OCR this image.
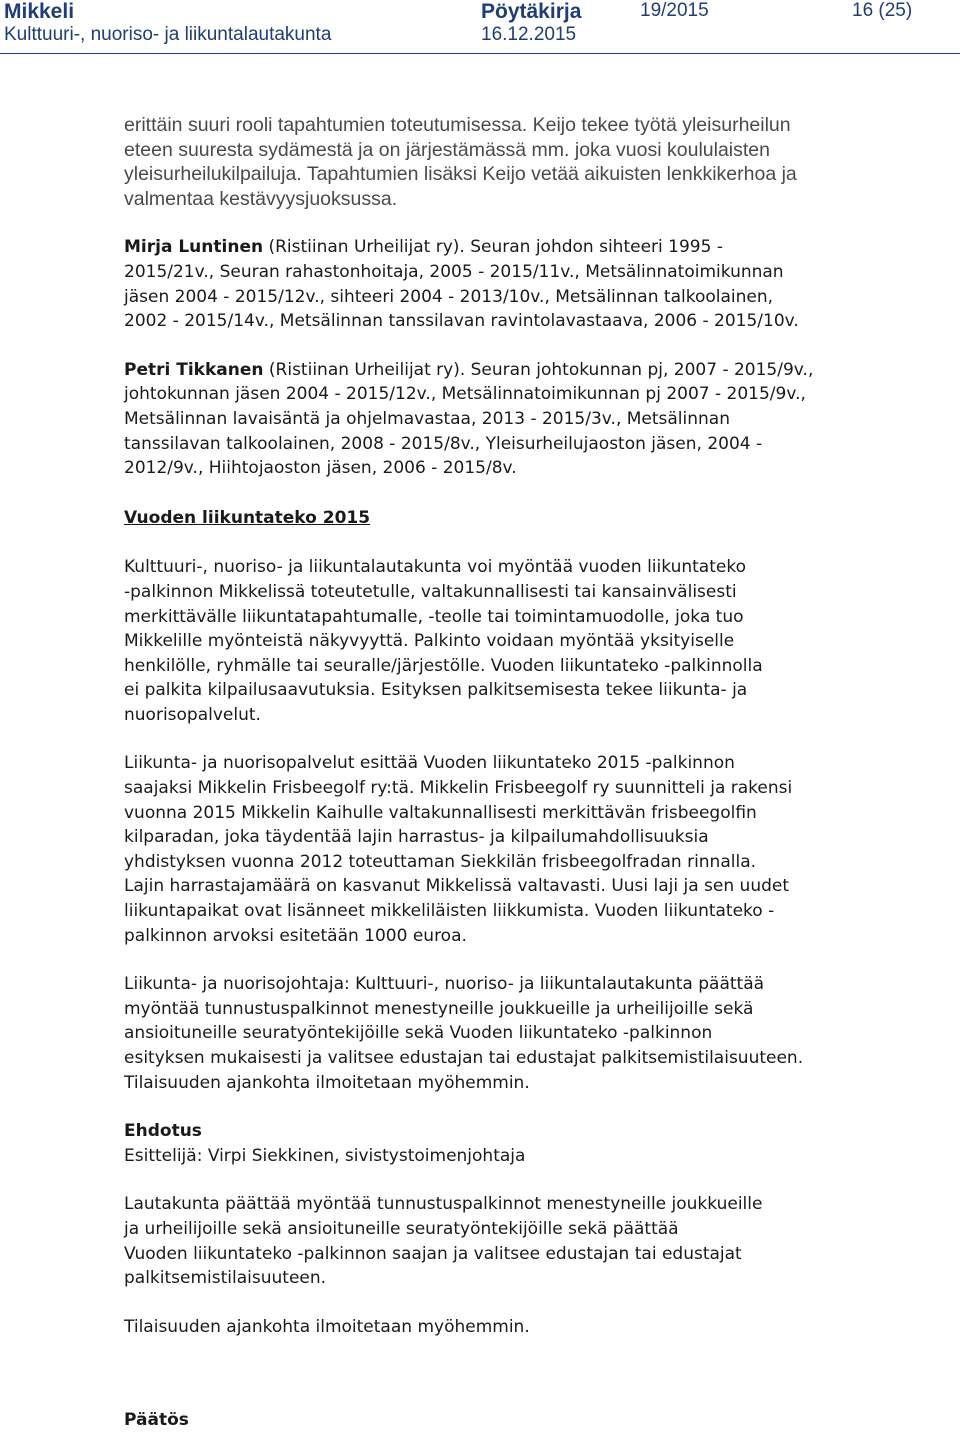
Mikkeli
Kulttuuri-, nuoriso- ja liikuntalautakunta
Pöytäkirja
16.12.2015
19/2015	16 (25)

erittäin suuri rooli tapahtumien toteutumisessa. Keijo tekee työtä yleisurheilun
eteen suuresta sydämestä ja on järjestämässä mm. joka vuosi koululaisten
yleisurheilukilpailuja. Tapahtumien lisäksi Keijo vetää aikuisten lenkkikerhoa ja
valmentaa kestävyysjuoksussa.

Mirja Luntinen (Ristiinan Urheilijat ry). Seuran johdon sihteeri 1995 -
2015/21v., Seuran rahastonhoitaja, 2005 - 2015/11v., Metsälinnatoimikunnan
jäsen 2004 - 2015/12v., sihteeri 2004 - 2013/10v., Metsälinnan talkoolainen,
2002 - 2015/14v., Metsälinnan tanssilavan ravintolavastaava, 2006 - 2015/10v.

Petri Tikkanen (Ristiinan Urheilijat ry). Seuran johtokunnan pj, 2007 - 2015/9v.,
johtokunnan jäsen 2004 - 2015/12v., Metsälinnatoimikunnan pj 2007 - 2015/9v.,
Metsälinnan lavaisäntä ja ohjelmavastaa, 2013 - 2015/3v., Metsälinnan
tanssilavan talkoolainen, 2008 - 2015/8v., Yleisurheilujaoston jäsen, 2004 -
2012/9v., Hiihtojaoston jäsen, 2006 - 2015/8v.

Vuoden liikuntateko 2015

Kulttuuri-, nuoriso- ja liikuntalautakunta voi myöntää vuoden liikuntateko
-palkinnon Mikkelissä toteutetulle, valtakunnallisesti tai kansainvälisesti
merkittävälle liikuntatapahtumalle, -teolle tai toimintamuodolle, joka tuo
Mikkelille myönteistä näkyvyyttä. Palkinto voidaan myöntää yksityiselle
henkilölle, ryhmälle tai seuralle/järjestölle. Vuoden liikuntateko -palkinnolla
ei palkita kilpailusaavutuksia. Esityksen palkitsemisesta tekee liikunta- ja
nuorisopalvelut.

Liikunta- ja nuorisopalvelut esittää Vuoden liikuntateko 2015 -palkinnon
saajaksi Mikkelin Frisbeegolf ry:tä. Mikkelin Frisbeegolf ry suunnitteli ja rakensi
vuonna 2015 Mikkelin Kaihulle valtakunnallisesti merkittävän frisbeegolfin
kilparadan, joka täydentää lajin harrastus- ja kilpailumahdollisuuksia
yhdistyksen vuonna 2012 toteuttaman Siekkilän frisbeegolfradan rinnalla.
Lajin harrastajamäärä on kasvanut Mikkelissä valtavasti. Uusi laji ja sen uudet
liikuntapaikat ovat lisänneet mikkeliläisten liikkumista. Vuoden liikuntateko -
palkinnon arvoksi esitetään 1000 euroa.

Liikunta- ja nuorisojohtaja: Kulttuuri-, nuoriso- ja liikuntalautakunta päättää
myöntää tunnustuspalkinnot menestyneille joukkueille ja urheilijoille sekä
ansioituneille seuratyöntekijöille sekä Vuoden liikuntateko -palkinnon
esityksen mukaisesti ja valitsee edustajan tai edustajat palkitsemistilaisuuteen.
Tilaisuuden ajankohta ilmoitetaan myöhemmin.

Ehdotus
Esittelijä: Virpi Siekkinen, sivistystoimenjohtaja

Lautakunta päättää myöntää tunnustuspalkinnot menestyneille joukkueille
ja urheilijoille sekä ansioituneille seuratyöntekijöille sekä päättää
Vuoden liikuntateko -palkinnon saajan ja valitsee edustajan tai edustajat
palkitsemistilaisuuteen.

Tilaisuuden ajankohta ilmoitetaan myöhemmin.

Päätös
